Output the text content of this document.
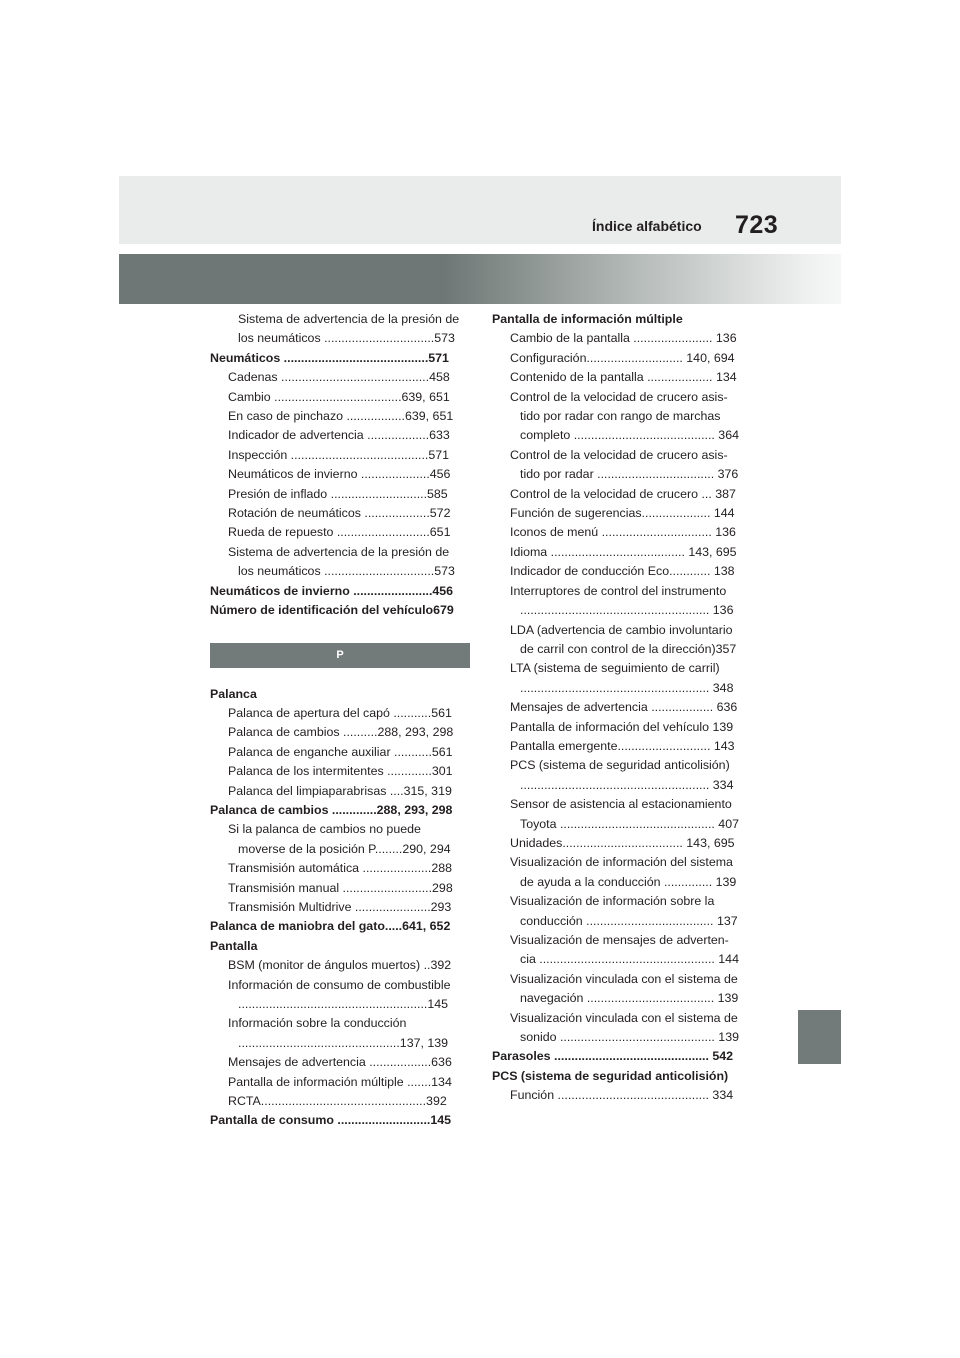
Índice alfabético 723
Sistema de advertencia de la presión de
los neumáticos ................................573
Neumáticos ..........................................571
Cadenas ...........................................458
Cambio .....................................639, 651
En caso de pinchazo .................639, 651
Indicador de advertencia ..................633
Inspección ........................................571
Neumáticos de invierno ....................456
Presión de inflado ............................585
Rotación de neumáticos ...................572
Rueda de repuesto ...........................651
Sistema de advertencia de la presión de
los neumáticos ................................573
Neumáticos de invierno .......................456
Número de identificación del vehículo679
P
Palanca
Palanca de apertura del capó ...........561
Palanca de cambios ..........288, 293, 298
Palanca de enganche auxiliar ...........561
Palanca de los intermitentes .............301
Palanca del limpiaparabrisas ....315, 319
Palanca de cambios .............288, 293, 298
Si la palanca de cambios no puede
moverse de la posición P........290, 294
Transmisión automática ....................288
Transmisión manual ..........................298
Transmisión Multidrive ......................293
Palanca de maniobra del gato.....641, 652
Pantalla
BSM (monitor de ángulos muertos) ..392
Información de consumo de combustible
.......................................................145
Información sobre la conducción
...............................................137, 139
Mensajes de advertencia ..................636
Pantalla de información múltiple .......134
RCTA................................................392
Pantalla de consumo ...........................145
Pantalla de información múltiple
Cambio de la pantalla ....................... 136
Configuración............................ 140, 694
Contenido de la pantalla ................... 134
Control de la velocidad de crucero asis-
tido por radar con rango de marchas
completo ......................................... 364
Control de la velocidad de crucero asis-
tido por radar .................................. 376
Control de la velocidad de crucero ... 387
Función de sugerencias.................... 144
Iconos de menú ................................ 136
Idioma ....................................... 143, 695
Indicador de conducción Eco............ 138
Interruptores de control del instrumento
....................................................... 136
LDA (advertencia de cambio involuntario
de carril con control de la dirección)357
LTA (sistema de seguimiento de carril)
....................................................... 348
Mensajes de advertencia .................. 636
Pantalla de información del vehículo 139
Pantalla emergente........................... 143
PCS (sistema de seguridad anticolisión)
....................................................... 334
Sensor de asistencia al estacionamiento
Toyota ............................................. 407
Unidades................................... 143, 695
Visualización de información del sistema
de ayuda a la conducción .............. 139
Visualización de información sobre la
conducción ..................................... 137
Visualización de mensajes de adverten-
cia ................................................... 144
Visualización vinculada con el sistema de
navegación ..................................... 139
Visualización vinculada con el sistema de
sonido ............................................. 139
Parasoles ............................................. 542
PCS (sistema de seguridad anticolisión)
Función ............................................ 334
